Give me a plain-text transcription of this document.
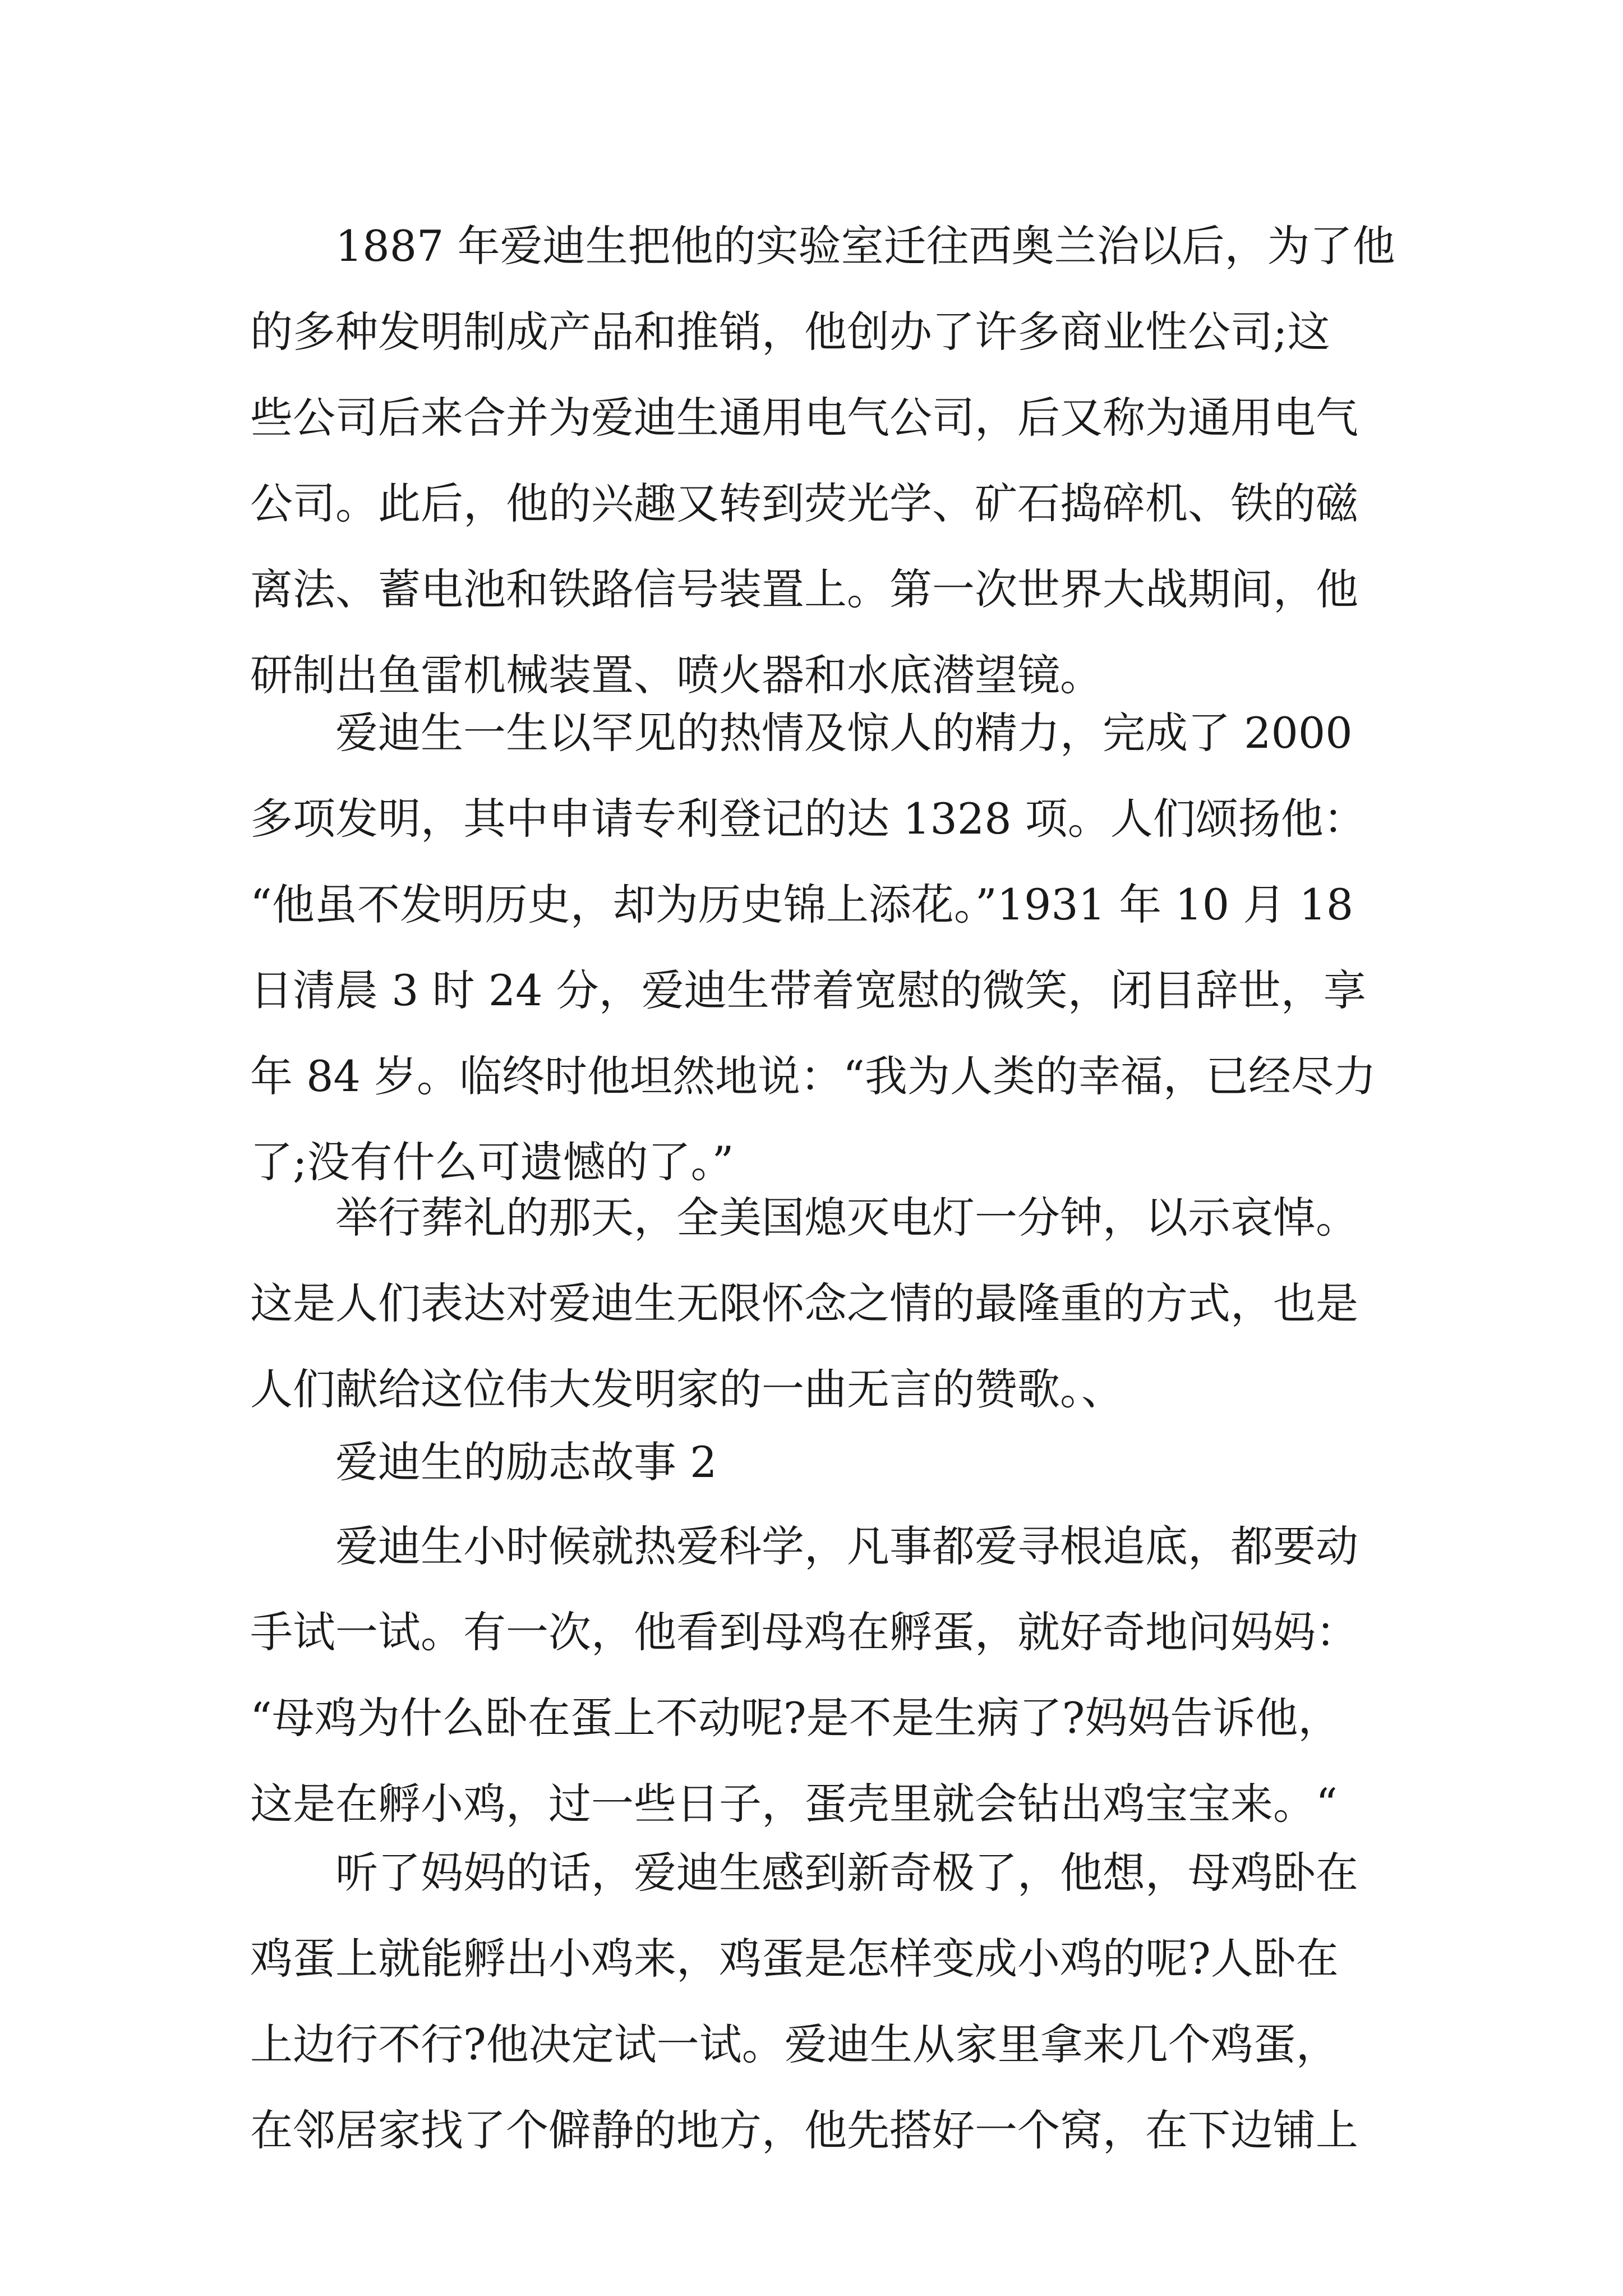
1887 年爱迪生把他的实验室迁往西奥兰治以后，为了他
的多种发明制成产品和推销，他创办了许多商业性公司;这
些公司后来合并为爱迪生通用电气公司，后又称为通用电气
公司。此后，他的兴趣又转到荧光学、矿石捣碎机、铁的磁
离法、蓄电池和铁路信号装置上。第一次世界大战期间，他
研制出鱼雷机械装置、喷火器和水底潜望镜。
爱迪生一生以罕见的热情及惊人的精力，完成了 2000
多项发明，其中申请专利登记的达 1328 项。人们颂扬他：
“他虽不发明历史，却为历史锦上添花。”1931 年 10 月 18
日清晨 3 时 24 分，爱迪生带着宽慰的微笑，闭目辞世，享
年 84 岁。临终时他坦然地说：“我为人类的幸福，已经尽力
了;没有什么可遗憾的了。”
举行葬礼的那天，全美国熄灭电灯一分钟，以示哀悼。
这是人们表达对爱迪生无限怀念之情的最隆重的方式，也是
人们献给这位伟大发明家的一曲无言的赞歌。、
爱迪生的励志故事 2
爱迪生小时候就热爱科学，凡事都爱寻根追底，都要动
手试一试。有一次，他看到母鸡在孵蛋，就好奇地问妈妈：
“母鸡为什么卧在蛋上不动呢?是不是生病了?妈妈告诉他，
这是在孵小鸡，过一些日子，蛋壳里就会钻出鸡宝宝来。“
听了妈妈的话，爱迪生感到新奇极了，他想，母鸡卧在
鸡蛋上就能孵出小鸡来，鸡蛋是怎样变成小鸡的呢?人卧在
上边行不行?他决定试一试。爱迪生从家里拿来几个鸡蛋，
在邻居家找了个僻静的地方，他先搭好一个窝，在下边铺上
